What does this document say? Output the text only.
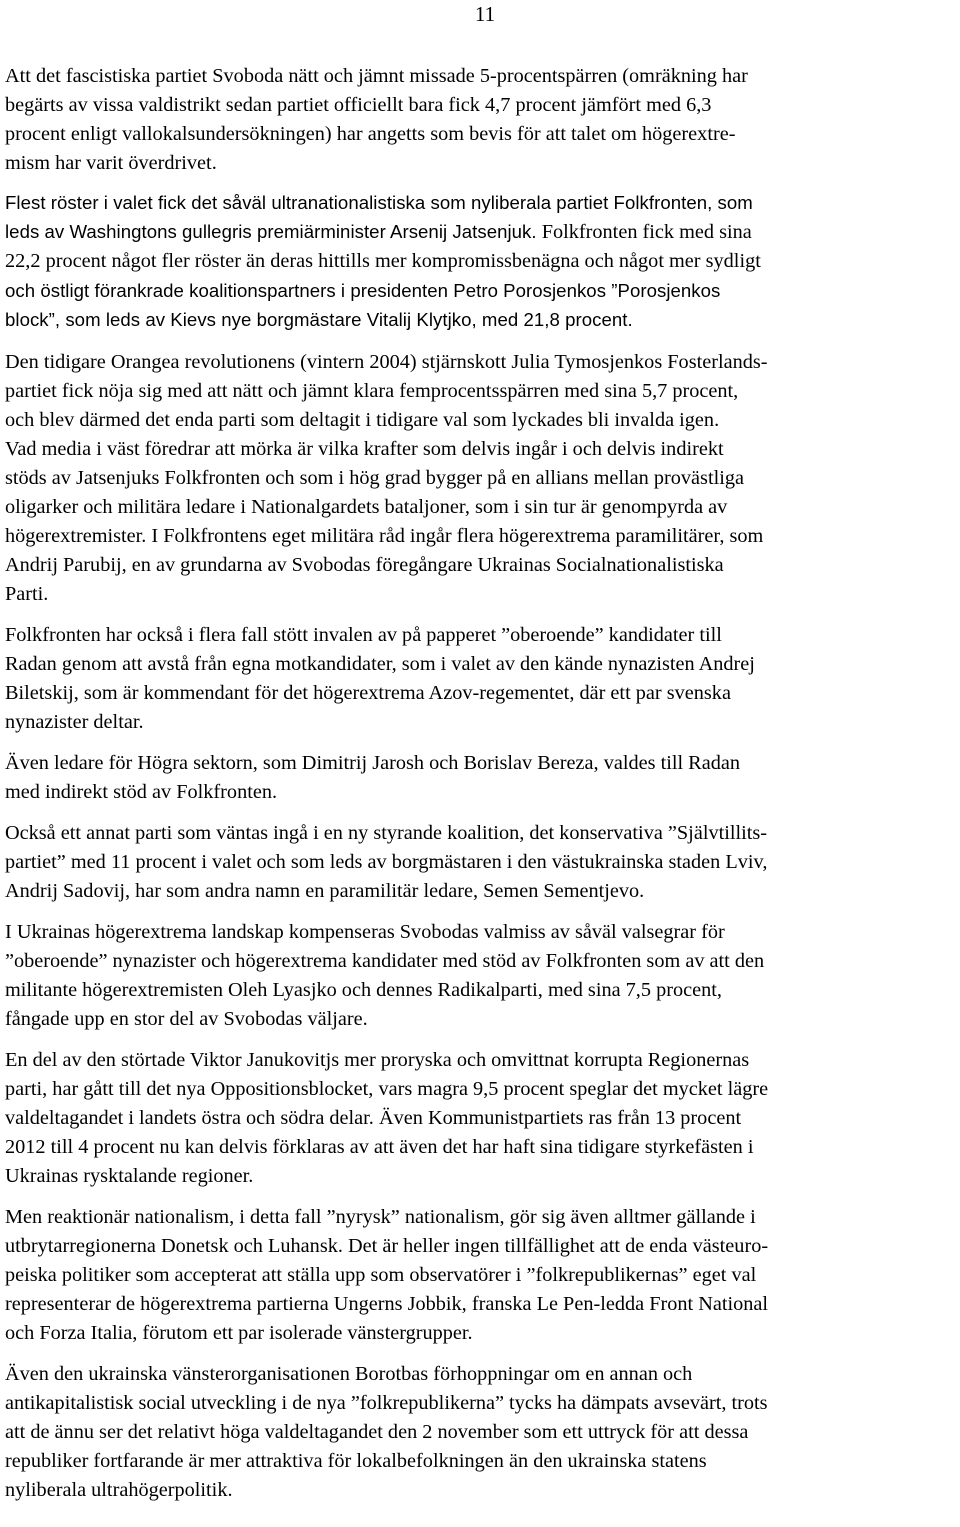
11

Att det fascistiska partiet Svoboda nätt och jämnt missade 5-procentspärren (omräkning har
begärts av vissa valdistrikt sedan partiet officiellt bara fick 4,7 procent jämfört med 6,3
procent enligt vallokalsundersökningen) har angetts som bevis för att talet om högerextre-
mism har varit överdrivet.

Flest röster i valet fick det såväl ultranationalistiska som nyliberala partiet Folkfronten, som
leds av Washingtons gullegris premiärminister Arsenij Jatsenjuk. Folkfronten fick med sina
22,2 procent något fler röster än deras hittills mer kompromissbenägna och något mer sydligt
och östligt förankrade koalitionspartners i presidenten Petro Porosjenkos ”Porosjenkos
block”, som leds av Kievs nye borgmästare Vitalij Klytjko, med 21,8 procent.

Den tidigare Orangea revolutionens (vintern 2004) stjärnskott Julia Tymosjenkos Fosterlands-
partiet fick nöja sig med att nätt och jämnt klara femprocentsspärren med sina 5,7 procent,
och blev därmed det enda parti som deltagit i tidigare val som lyckades bli invalda igen.
Vad media i väst föredrar att mörka är vilka krafter som delvis ingår i och delvis indirekt
stöds av Jatsenjuks Folkfronten och som i hög grad bygger på en allians mellan provästliga
oligarker och militära ledare i Nationalgardets bataljoner, som i sin tur är genompyrda av
högerextremister. I Folkfrontens eget militära råd ingår flera högerextrema paramilitärer, som
Andrij Parubij, en av grundarna av Svobodas föregångare Ukrainas Socialnationalistiska
Parti.

Folkfronten har också i flera fall stött invalen av på papperet ”oberoende” kandidater till
Radan genom att avstå från egna motkandidater, som i valet av den kände nynazisten Andrej
Biletskij, som är kommendant för det högerextrema Azov-regementet, där ett par svenska
nynazister deltar.

Även ledare för Högra sektorn, som Dimitrij Jarosh och Borislav Bereza, valdes till Radan
med indirekt stöd av Folkfronten.

Också ett annat parti som väntas ingå i en ny styrande koalition, det konservativa ”Självtillits-
partiet” med 11 procent i valet och som leds av borgmästaren i den västukrainska staden Lviv,
Andrij Sadovij, har som andra namn en paramilitär ledare, Semen Sementjevo.

I Ukrainas högerextrema landskap kompenseras Svobodas valmiss av såväl valsegrar för
”oberoende” nynazister och högerextrema kandidater med stöd av Folkfronten som av att den
militante högerextremisten Oleh Lyasjko och dennes Radikalparti, med sina 7,5 procent,
fångade upp en stor del av Svobodas väljare.

En del av den störtade Viktor Janukovitjs mer proryska och omvittnat korrupta Regionernas
parti, har gått till det nya Oppositionsblocket, vars magra 9,5 procent speglar det mycket lägre
valdeltagandet i landets östra och södra delar. Även Kommunistpartiets ras från 13 procent
2012 till 4 procent nu kan delvis förklaras av att även det har haft sina tidigare styrkefästen i
Ukrainas rysktalande regioner.

Men reaktionär nationalism, i detta fall ”nyrysk” nationalism, gör sig även alltmer gällande i
utbrytarregionerna Donetsk och Luhansk. Det är heller ingen tillfällighet att de enda västeuro-
peiska politiker som accepterat att ställa upp som observatörer i ”folkrepublikernas” eget val
representerar de högerextrema partierna Ungerns Jobbik, franska Le Pen-ledda Front National
och Forza Italia, förutom ett par isolerade vänstergrupper.

Även den ukrainska vänsterorganisationen Borotbas förhoppningar om en annan och
antikapitalistisk social utveckling i de nya ”folkrepublikerna” tycks ha dämpats avsevärt, trots
att de ännu ser det relativt höga valdeltagandet den 2 november som ett uttryck för att dessa
republiker fortfarande är mer attraktiva för lokalbefolkningen än den ukrainska statens
nyliberala ultrahögerpolitik.
